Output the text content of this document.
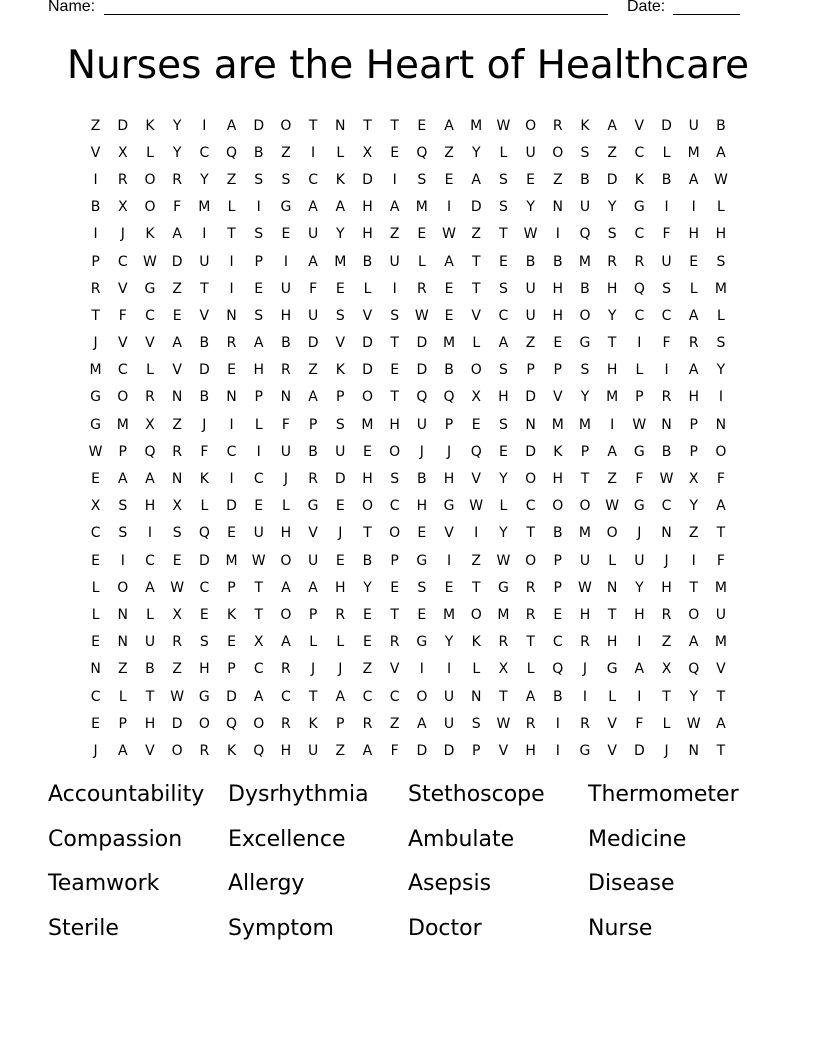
Name:	Date:
Nurses are the Heart of Healthcare
Z	D	K	Y	I	A	D	O	T	N	T	T	E	A	M	W	O	R	K	A	V	D	U	B
V	X	L	Y	C	Q	B	Z	I	L	X	E	Q	Z	Y	L	U	O	S	Z	C	L	M	A
I	R	O	R	Y	Z	S	S	C	K	D	I	S	E	A	S	E	Z	B	D	K	B	A	W
B	X	O	F	M	L	I	G	A	A	H	A	M	I	D	S	Y	N	U	Y	G	I	I	L
I	J	K	A	I	T	S	E	U	Y	H	Z	E	W	Z	T	W	I	Q	S	C	F	H	H
P	C	W	D	U	I	P	I	A	M	B	U	L	A	T	E	B	B	M	R	R	U	E	S
R	V	G	Z	T	I	E	U	F	E	L	I	R	E	T	S	U	H	B	H	Q	S	L	M
T	F	C	E	V	N	S	H	U	S	V	S	W	E	V	C	U	H	O	Y	C	C	A	L
J	V	V	A	B	R	A	B	D	V	D	T	D	M	L	A	Z	E	G	T	I	F	R	S
M	C	L	V	D	E	H	R	Z	K	D	E	D	B	O	S	P	P	S	H	L	I	A	Y
G	O	R	N	B	N	P	N	A	P	O	T	Q	Q	X	H	D	V	Y	M	P	R	H	I
G	M	X	Z	J	I	L	F	P	S	M	H	U	P	E	S	N	M	M	I	W	N	P	N
W	P	Q	R	F	C	I	U	B	U	E	O	J	J	Q	E	D	K	P	A	G	B	P	O
E	A	A	N	K	I	C	J	R	D	H	S	B	H	V	Y	O	H	T	Z	F	W	X	F
X	S	H	X	L	D	E	L	G	E	O	C	H	G	W	L	C	O	O	W	G	C	Y	A
C	S	I	S	Q	E	U	H	V	J	T	O	E	V	I	Y	T	B	M	O	J	N	Z	T
E	I	C	E	D	M	W	O	U	E	B	P	G	I	Z	W	O	P	U	L	U	J	I	F
L	O	A	W	C	P	T	A	A	H	Y	E	S	E	T	G	R	P	W	N	Y	H	T	M
L	N	L	X	E	K	T	O	P	R	E	T	E	M	O	M	R	E	H	T	H	R	O	U
E	N	U	R	S	E	X	A	L	L	E	R	G	Y	K	R	T	C	R	H	I	Z	A	M
N	Z	B	Z	H	P	C	R	J	J	Z	V	I	I	L	X	L	Q	J	G	A	X	Q	V
C	L	T	W	G	D	A	C	T	A	C	C	O	U	N	T	A	B	I	L	I	T	Y	T
E	P	H	D	O	Q	O	R	K	P	R	Z	A	U	S	W	R	I	R	V	F	L	W	A
J	A	V	O	R	K	Q	H	U	Z	A	F	D	D	P	V	H	I	G	V	D	J	N	T
Accountability	Dysrhythmia	Stethoscope	Thermometer
Compassion	Excellence	Ambulate	Medicine
Teamwork	Allergy	Asepsis	Disease
Sterile	Symptom	Doctor	Nurse
